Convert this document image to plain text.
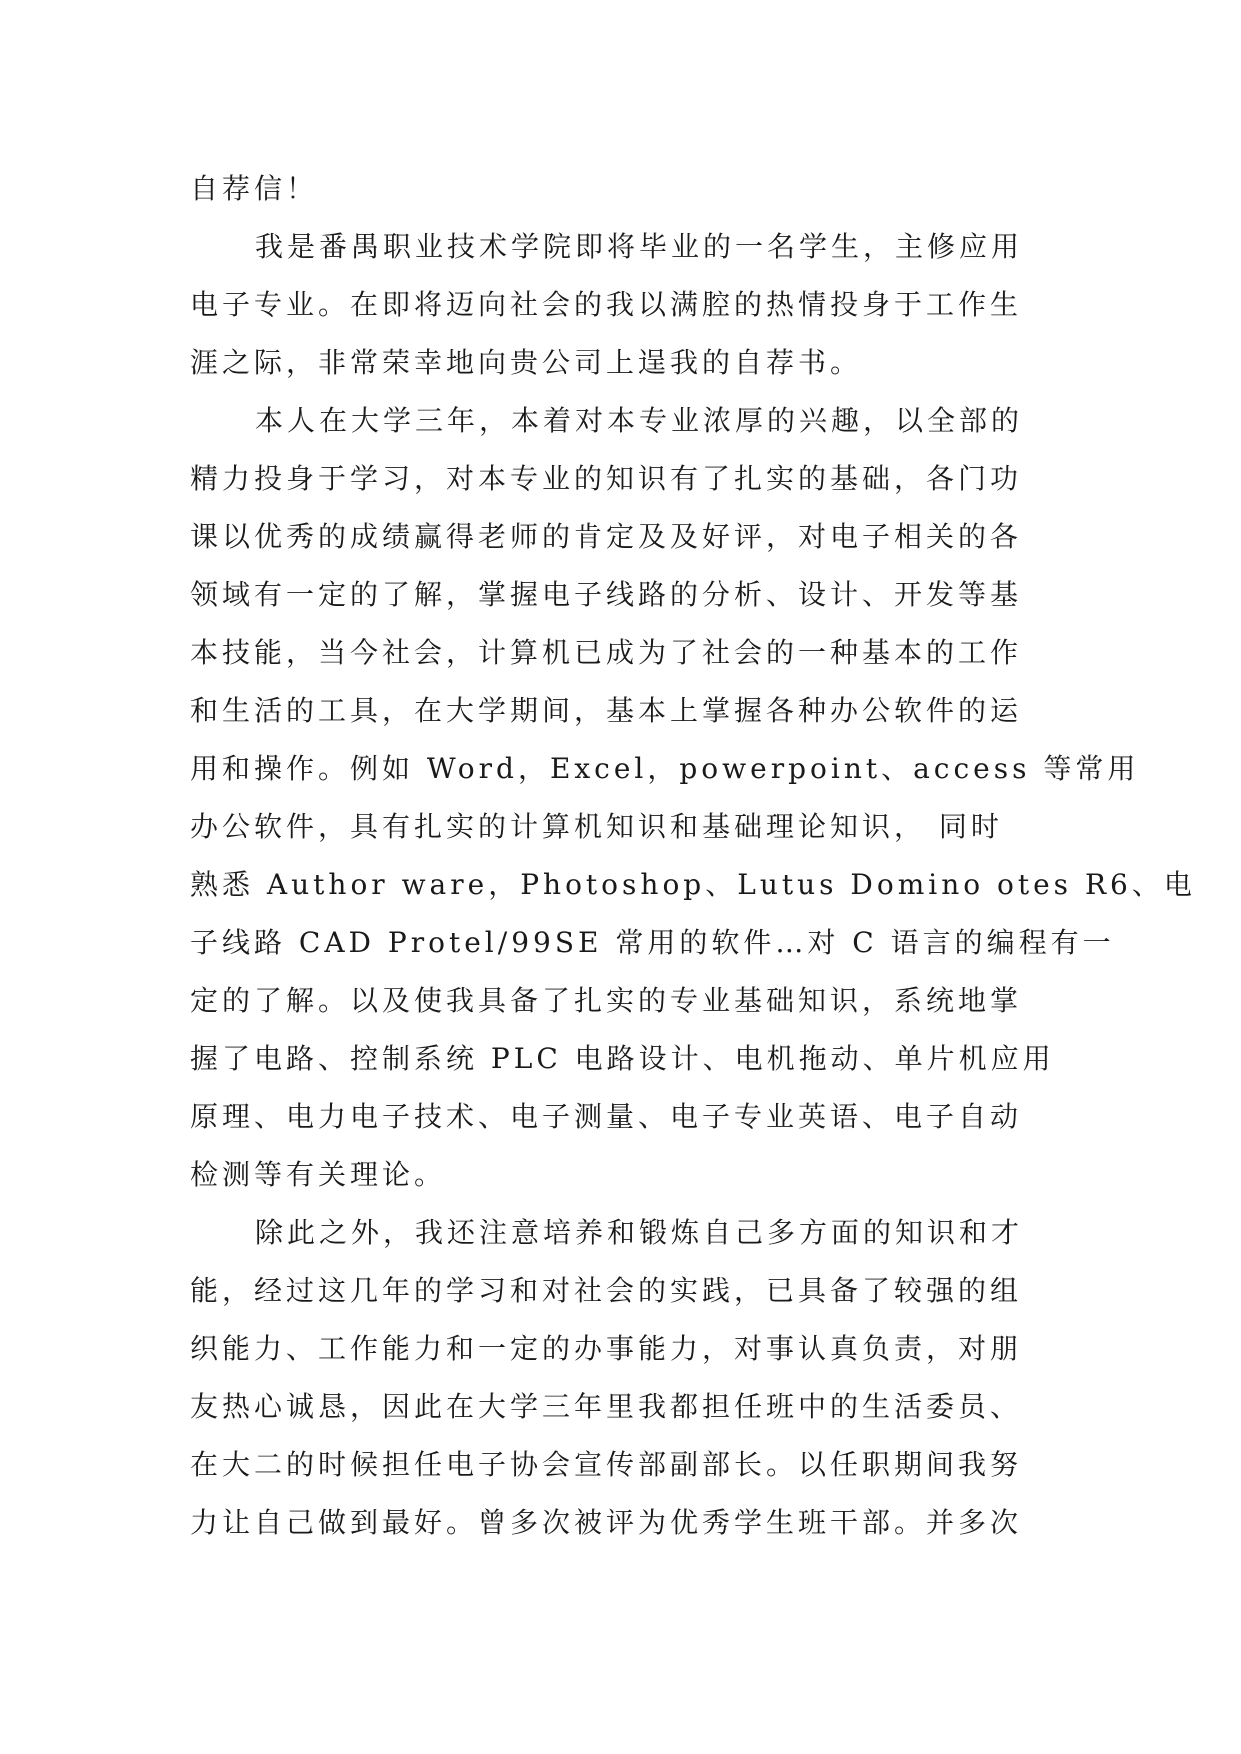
自荐信！
我是番禺职业技术学院即将毕业的一名学生，主修应用
电子专业。在即将迈向社会的我以满腔的热情投身于工作生
涯之际，非常荣幸地向贵公司上逞我的自荐书。
本人在大学三年，本着对本专业浓厚的兴趣，以全部的
精力投身于学习，对本专业的知识有了扎实的基础，各门功
课以优秀的成绩赢得老师的肯定及及好评，对电子相关的各
领域有一定的了解，掌握电子线路的分析、设计、开发等基
本技能，当今社会，计算机已成为了社会的一种基本的工作
和生活的工具，在大学期间，基本上掌握各种办公软件的运
用和操作。例如 Word，Excel，powerpoint、access 等常用
办公软件，具有扎实的计算机知识和基础理论知识， 同时
熟悉 Author ware，Photoshop、Lutus Domino otes R6、电
子线路 CAD Protel/99SE 常用的软件…对 C 语言的编程有一
定的了解。以及使我具备了扎实的专业基础知识，系统地掌
握了电路、控制系统 PLC 电路设计、电机拖动、单片机应用
原理、电力电子技术、电子测量、电子专业英语、电子自动
检测等有关理论。
除此之外，我还注意培养和锻炼自己多方面的知识和才
能，经过这几年的学习和对社会的实践，已具备了较强的组
织能力、工作能力和一定的办事能力，对事认真负责，对朋
友热心诚恳，因此在大学三年里我都担任班中的生活委员、
在大二的时候担任电子协会宣传部副部长。以任职期间我努
力让自己做到最好。曾多次被评为优秀学生班干部。并多次
